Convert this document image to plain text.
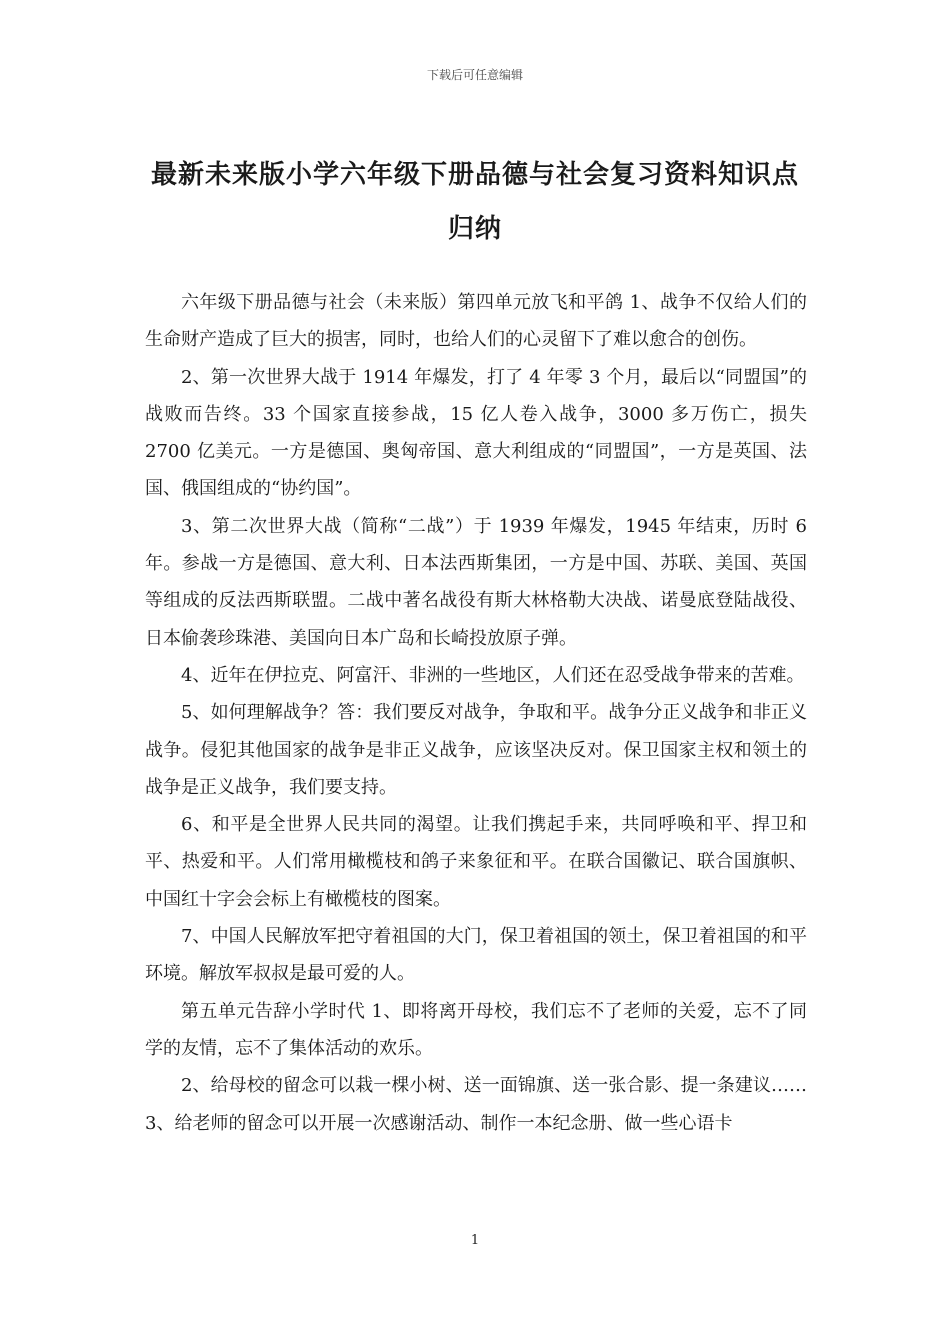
下载后可任意编辑
最新未来版小学六年级下册品德与社会复习资料知识点归纳

六年级下册品德与社会（未来版）第四单元放飞和平鸽 1、战争不仅给人们的生命财产造成了巨大的损害，同时，也给人们的心灵留下了难以愈合的创伤。

2、第一次世界大战于 1914 年爆发，打了 4 年零 3 个月，最后以“同盟国”的战败而告终。33 个国家直接参战，15 亿人卷入战争，3000 多万伤亡，损失 2700 亿美元。一方是德国、奥匈帝国、意大利组成的“同盟国”，一方是英国、法国、俄国组成的“协约国”。

3、第二次世界大战（简称“二战”）于 1939 年爆发，1945 年结束，历时 6 年。参战一方是德国、意大利、日本法西斯集团，一方是中国、苏联、美国、英国等组成的反法西斯联盟。二战中著名战役有斯大林格勒大决战、诺曼底登陆战役、日本偷袭珍珠港、美国向日本广岛和长崎投放原子弹。

4、近年在伊拉克、阿富汗、非洲的一些地区，人们还在忍受战争带来的苦难。

5、如何理解战争？答：我们要反对战争，争取和平。战争分正义战争和非正义战争。侵犯其他国家的战争是非正义战争，应该坚决反对。保卫国家主权和领土的战争是正义战争，我们要支持。

6、和平是全世界人民共同的渴望。让我们携起手来，共同呼唤和平、捍卫和平、热爱和平。人们常用橄榄枝和鸽子来象征和平。在联合国徽记、联合国旗帜、中国红十字会会标上有橄榄枝的图案。

7、中国人民解放军把守着祖国的大门，保卫着祖国的领土，保卫着祖国的和平环境。解放军叔叔是最可爱的人。

第五单元告辞小学时代 1、即将离开母校，我们忘不了老师的关爱，忘不了同学的友情，忘不了集体活动的欢乐。

2、给母校的留念可以栽一棵小树、送一面锦旗、送一张合影、提一条建议……3、给老师的留念可以开展一次感谢活动、制作一本纪念册、做一些心语卡

1
